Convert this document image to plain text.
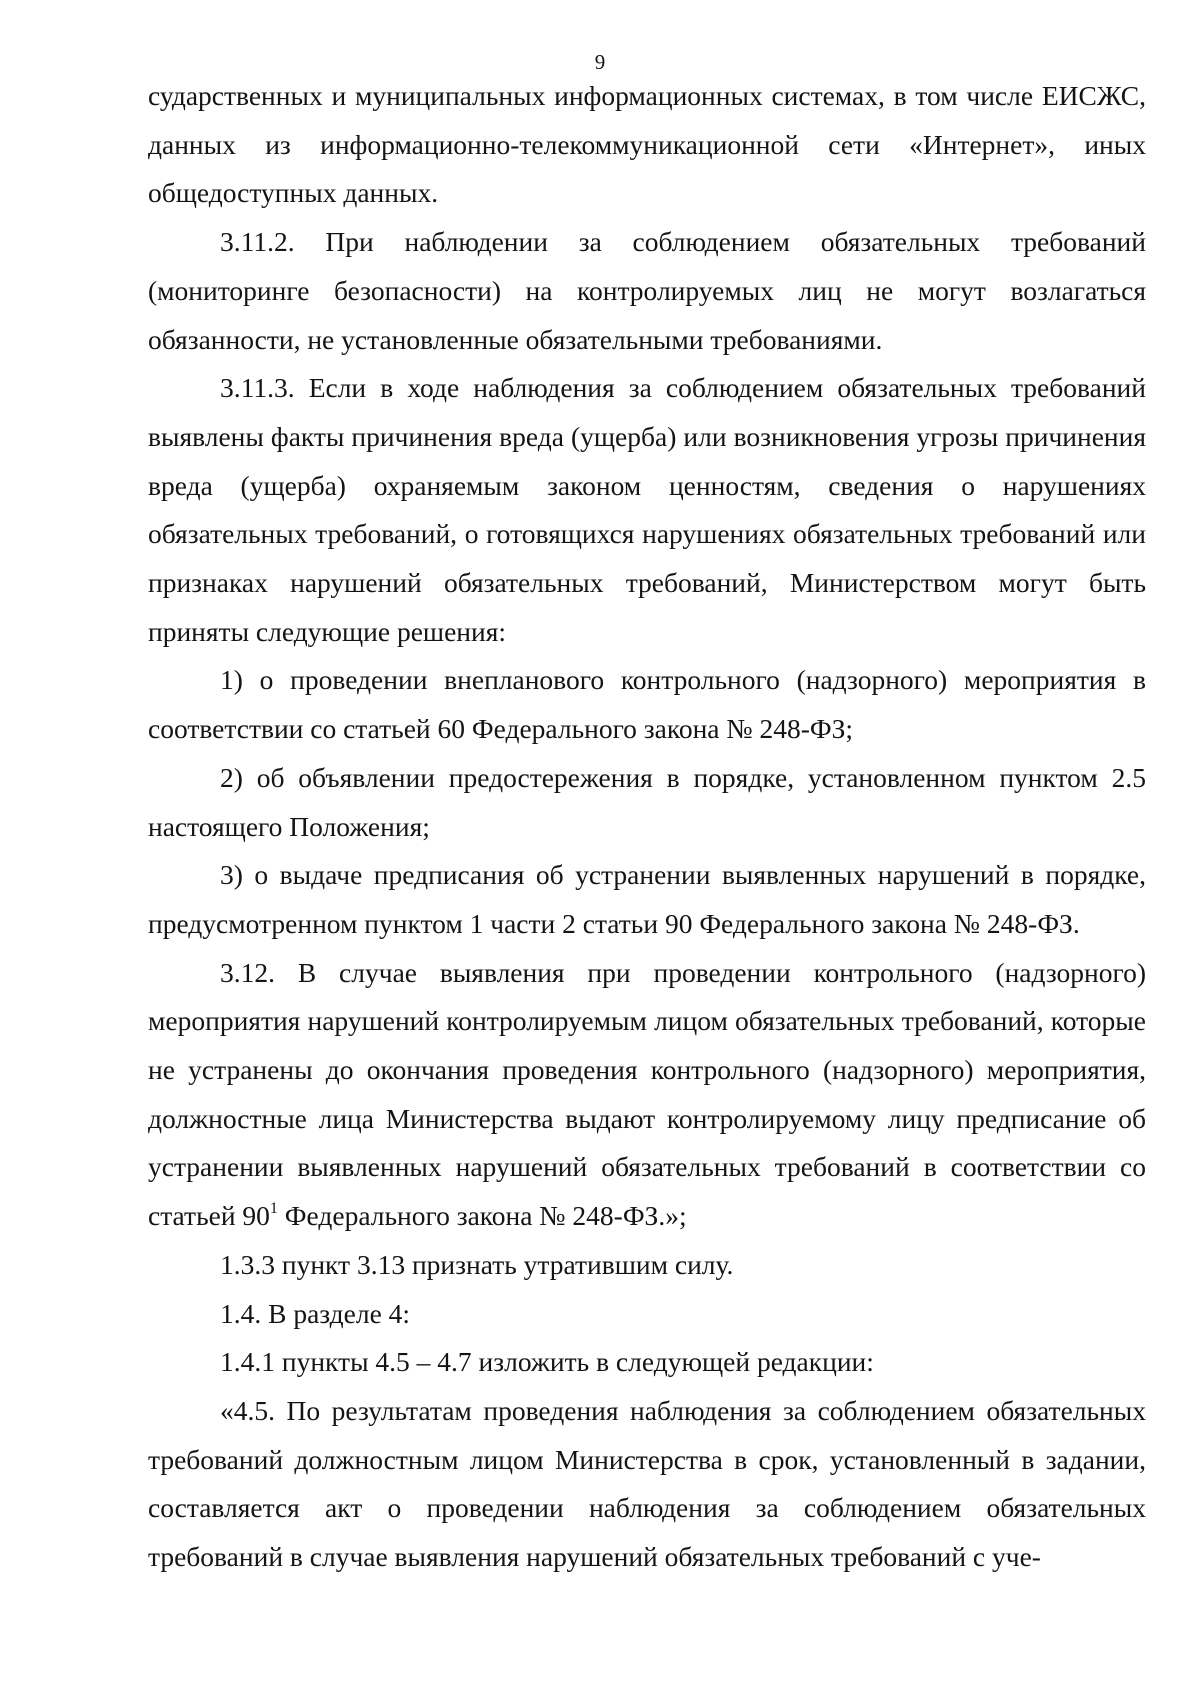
9

сударственных и муниципальных информационных системах, в том числе ЕИСЖС, данных из информационно-телекоммуникационной сети «Интернет», иных общедоступных данных.

3.11.2. При наблюдении за соблюдением обязательных требований (мониторинге безопасности) на контролируемых лиц не могут возлагаться обязанности, не установленные обязательными требованиями.

3.11.3. Если в ходе наблюдения за соблюдением обязательных требований выявлены факты причинения вреда (ущерба) или возникновения угрозы причинения вреда (ущерба) охраняемым законом ценностям, сведения о нарушениях обязательных требований, о готовящихся нарушениях обязательных требований или признаках нарушений обязательных требований, Министерством могут быть приняты следующие решения:

1) о проведении внепланового контрольного (надзорного) мероприятия в соответствии со статьей 60 Федерального закона № 248-ФЗ;

2) об объявлении предостережения в порядке, установленном пунктом 2.5 настоящего Положения;

3) о выдаче предписания об устранении выявленных нарушений в порядке, предусмотренном пунктом 1 части 2 статьи 90 Федерального закона № 248-ФЗ.

3.12. В случае выявления при проведении контрольного (надзорного) мероприятия нарушений контролируемым лицом обязательных требований, которые не устранены до окончания проведения контрольного (надзорного) мероприятия, должностные лица Министерства выдают контролируемому лицу предписание об устранении выявленных нарушений обязательных требований в соответствии со статьей $90^1$ Федерального закона № 248-ФЗ.»;

1.3.3 пункт 3.13 признать утратившим силу.

1.4. В разделе 4:

1.4.1 пункты 4.5 – 4.7 изложить в следующей редакции:

«4.5. По результатам проведения наблюдения за соблюдением обязательных требований должностным лицом Министерства в срок, установленный в задании, составляется акт о проведении наблюдения за соблюдением обязательных требований в случае выявления нарушений обязательных требований с уче-
